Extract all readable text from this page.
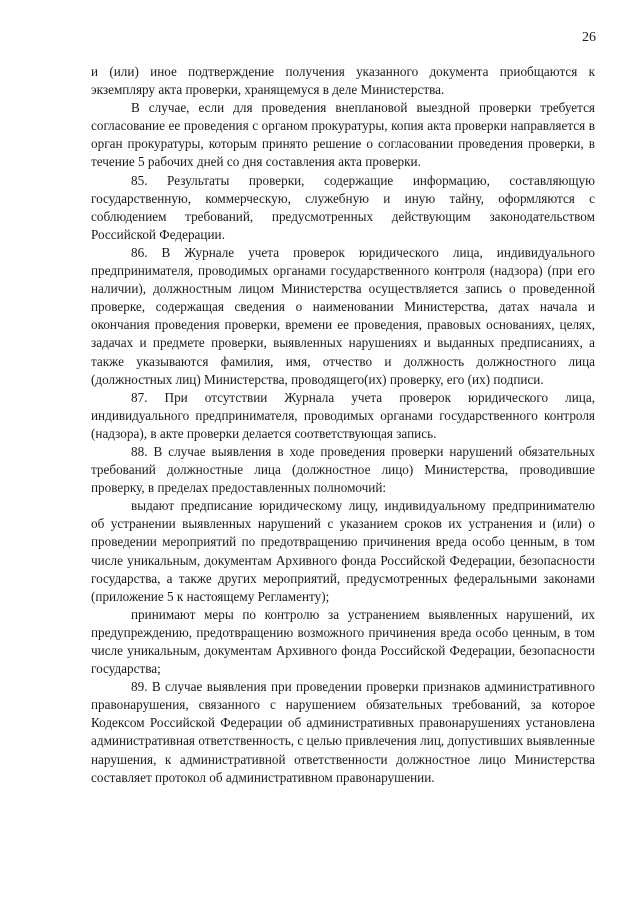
26

и (или) иное подтверждение получения указанного документа приобщаются к экземпляру акта проверки, хранящемуся в деле Министерства.

В случае, если для проведения внеплановой выездной проверки требуется согласование ее проведения с органом прокуратуры, копия акта проверки направляется в орган прокуратуры, которым принято решение о согласовании проведения проверки, в течение 5 рабочих дней со дня составления акта проверки.

85. Результаты проверки, содержащие информацию, составляющую государственную, коммерческую, служебную и иную тайну, оформляются с соблюдением требований, предусмотренных действующим законодательством Российской Федерации.

86. В Журнале учета проверок юридического лица, индивидуального предпринимателя, проводимых органами государственного контроля (надзора) (при его наличии), должностным лицом Министерства осуществляется запись о проведенной проверке, содержащая сведения о наименовании Министерства, датах начала и окончания проведения проверки, времени ее проведения, правовых основаниях, целях, задачах и предмете проверки, выявленных нарушениях и выданных предписаниях, а также указываются фамилия, имя, отчество и должность должностного лица (должностных лиц) Министерства, проводящего(их) проверку, его (их) подписи.

87. При отсутствии Журнала учета проверок юридического лица, индивидуального предпринимателя, проводимых органами государственного контроля (надзора), в акте проверки делается соответствующая запись.

88. В случае выявления в ходе проведения проверки нарушений обязательных требований должностные лица (должностное лицо) Министерства, проводившие проверку, в пределах предоставленных полномочий:

выдают предписание юридическому лицу, индивидуальному предпринимателю об устранении выявленных нарушений с указанием сроков их устранения и (или) о проведении мероприятий по предотвращению причинения вреда особо ценным, в том числе уникальным, документам Архивного фонда Российской Федерации, безопасности государства, а также других мероприятий, предусмотренных федеральными законами (приложение 5 к настоящему Регламенту);

принимают меры по контролю за устранением выявленных нарушений, их предупреждению, предотвращению возможного причинения вреда особо ценным, в том числе уникальным, документам Архивного фонда Российской Федерации, безопасности государства;

89. В случае выявления при проведении проверки признаков административного правонарушения, связанного с нарушением обязательных требований, за которое Кодексом Российской Федерации об административных правонарушениях установлена административная ответственность, с целью привлечения лиц, допустивших выявленные нарушения, к административной ответственности должностное лицо Министерства составляет протокол об административном правонарушении.
